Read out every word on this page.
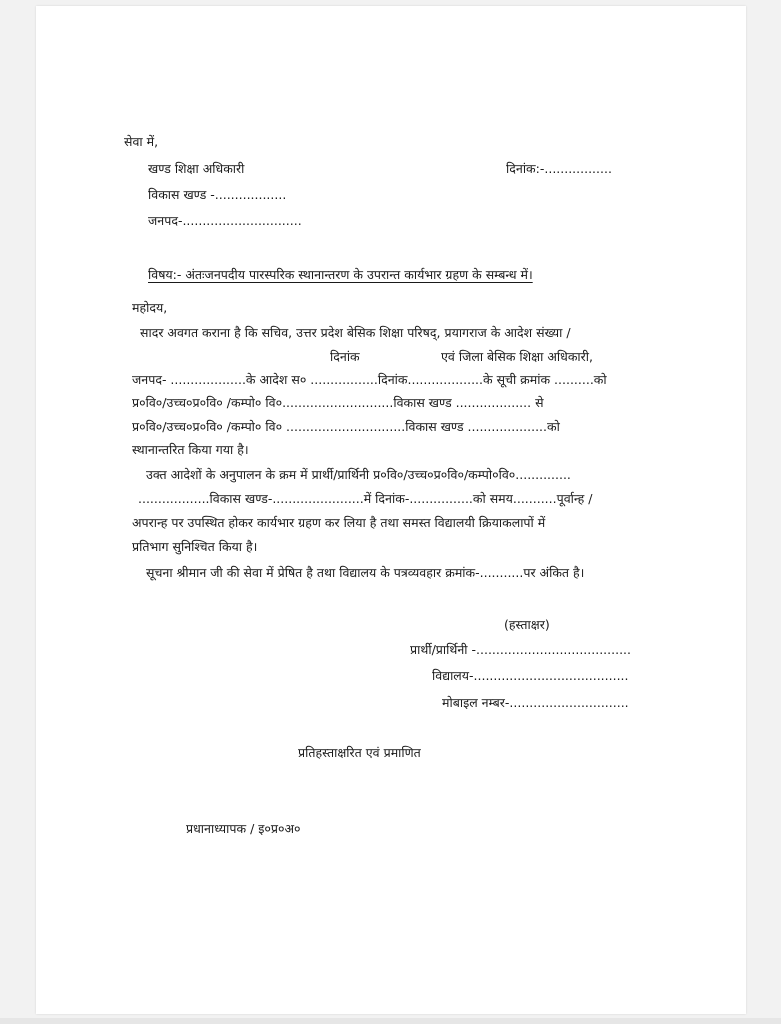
सेवा में,
खण्ड शिक्षा अधिकारी	दिनांक:-.................
विकास खण्ड -..................
जनपद-..............................
विषय:- अंतःजनपदीय पारस्परिक स्थानान्तरण के उपरान्त कार्यभार ग्रहण के सम्बन्ध में।
महोदय,
सादर अवगत कराना है कि सचिव, उत्तर प्रदेश बेसिक शिक्षा परिषद्, प्रयागराज के आदेश संख्या /
दिनांक	एवं जिला बेसिक शिक्षा अधिकारी,
जनपद- ...................के आदेश स० .................दिनांक...................के सूची क्रमांक ..........को
प्र०वि०/उच्च०प्र०वि० /कम्पो० वि०............................विकास खण्ड ................... से
प्र०वि०/उच्च०प्र०वि० /कम्पो० वि० ..............................विकास खण्ड ....................को
स्थानान्तरित किया गया है।
उक्त आदेशों के अनुपालन के क्रम में प्रार्थी/प्रार्थिनी प्र०वि०/उच्च०प्र०वि०/कम्पो०वि०..............
..................विकास खण्ड-.......................में दिनांक-................को समय...........पूर्वान्ह /
अपरान्ह पर उपस्थित होकर कार्यभार ग्रहण कर लिया है तथा समस्त विद्यालयी क्रियाकलापों में
प्रतिभाग सुनिश्चित किया है।
सूचना श्रीमान जी की सेवा में प्रेषित है तथा विद्यालय के पत्रव्यवहार क्रमांक-...........पर अंकित है।
(हस्ताक्षर)
प्रार्थी/प्रार्थिनी -.......................................
विद्यालय-.......................................
मोबाइल नम्बर-..............................
प्रतिहस्ताक्षरित एवं प्रमाणित
प्रधानाध्यापक / इ०प्र०अ०
